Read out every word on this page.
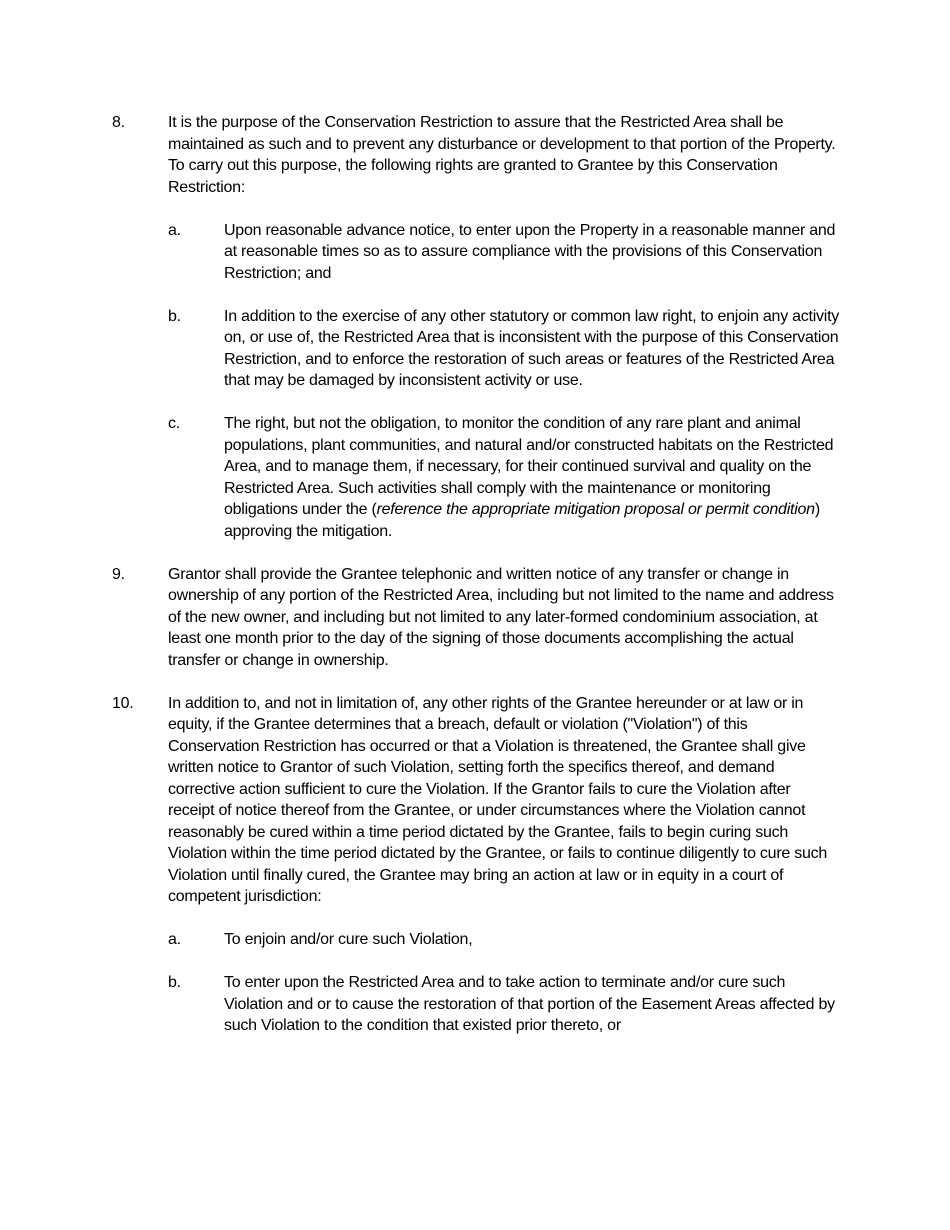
8.	It is the purpose of the Conservation Restriction to assure that the Restricted Area shall be maintained as such and to prevent any disturbance or development to that portion of the Property. To carry out this purpose, the following rights are granted to Grantee by this Conservation Restriction:

a.	Upon reasonable advance notice, to enter upon the Property in a reasonable manner and at reasonable times so as to assure compliance with the provisions of this Conservation Restriction; and
b.	In addition to the exercise of any other statutory or common law right, to enjoin any activity on, or use of, the Restricted Area that is inconsistent with the purpose of this Conservation Restriction, and to enforce the restoration of such areas or features of the Restricted Area that may be damaged by inconsistent activity or use.
c.	The right, but not the obligation, to monitor the condition of any rare plant and animal populations, plant communities, and natural and/or constructed habitats on the Restricted Area, and to manage them, if necessary, for their continued survival and quality on the Restricted Area. Such activities shall comply with the maintenance or monitoring obligations under the (reference the appropriate mitigation proposal or permit condition) approving the mitigation.
9.	Grantor shall provide the Grantee telephonic and written notice of any transfer or change in ownership of any portion of the Restricted Area, including but not limited to the name and address of the new owner, and including but not limited to any later-formed condominium association, at least one month prior to the day of the signing of those documents accomplishing the actual transfer or change in ownership.

10.	In addition to, and not in limitation of, any other rights of the Grantee hereunder or at law or in equity, if the Grantee determines that a breach, default or violation ("Violation") of this Conservation Restriction has occurred or that a Violation is threatened, the Grantee shall give written notice to Grantor of such Violation, setting forth the specifics thereof, and demand corrective action sufficient to cure the Violation. If the Grantor fails to cure the Violation after receipt of notice thereof from the Grantee, or under circumstances where the Violation cannot reasonably be cured within a time period dictated by the Grantee, fails to begin curing such Violation within the time period dictated by the Grantee, or fails to continue diligently to cure such Violation until finally cured, the Grantee may bring an action at law or in equity in a court of competent jurisdiction:

a.	To enjoin and/or cure such Violation,
b.	To enter upon the Restricted Area and to take action to terminate and/or cure such Violation and or to cause the restoration of that portion of the Easement Areas affected by such Violation to the condition that existed prior thereto, or
